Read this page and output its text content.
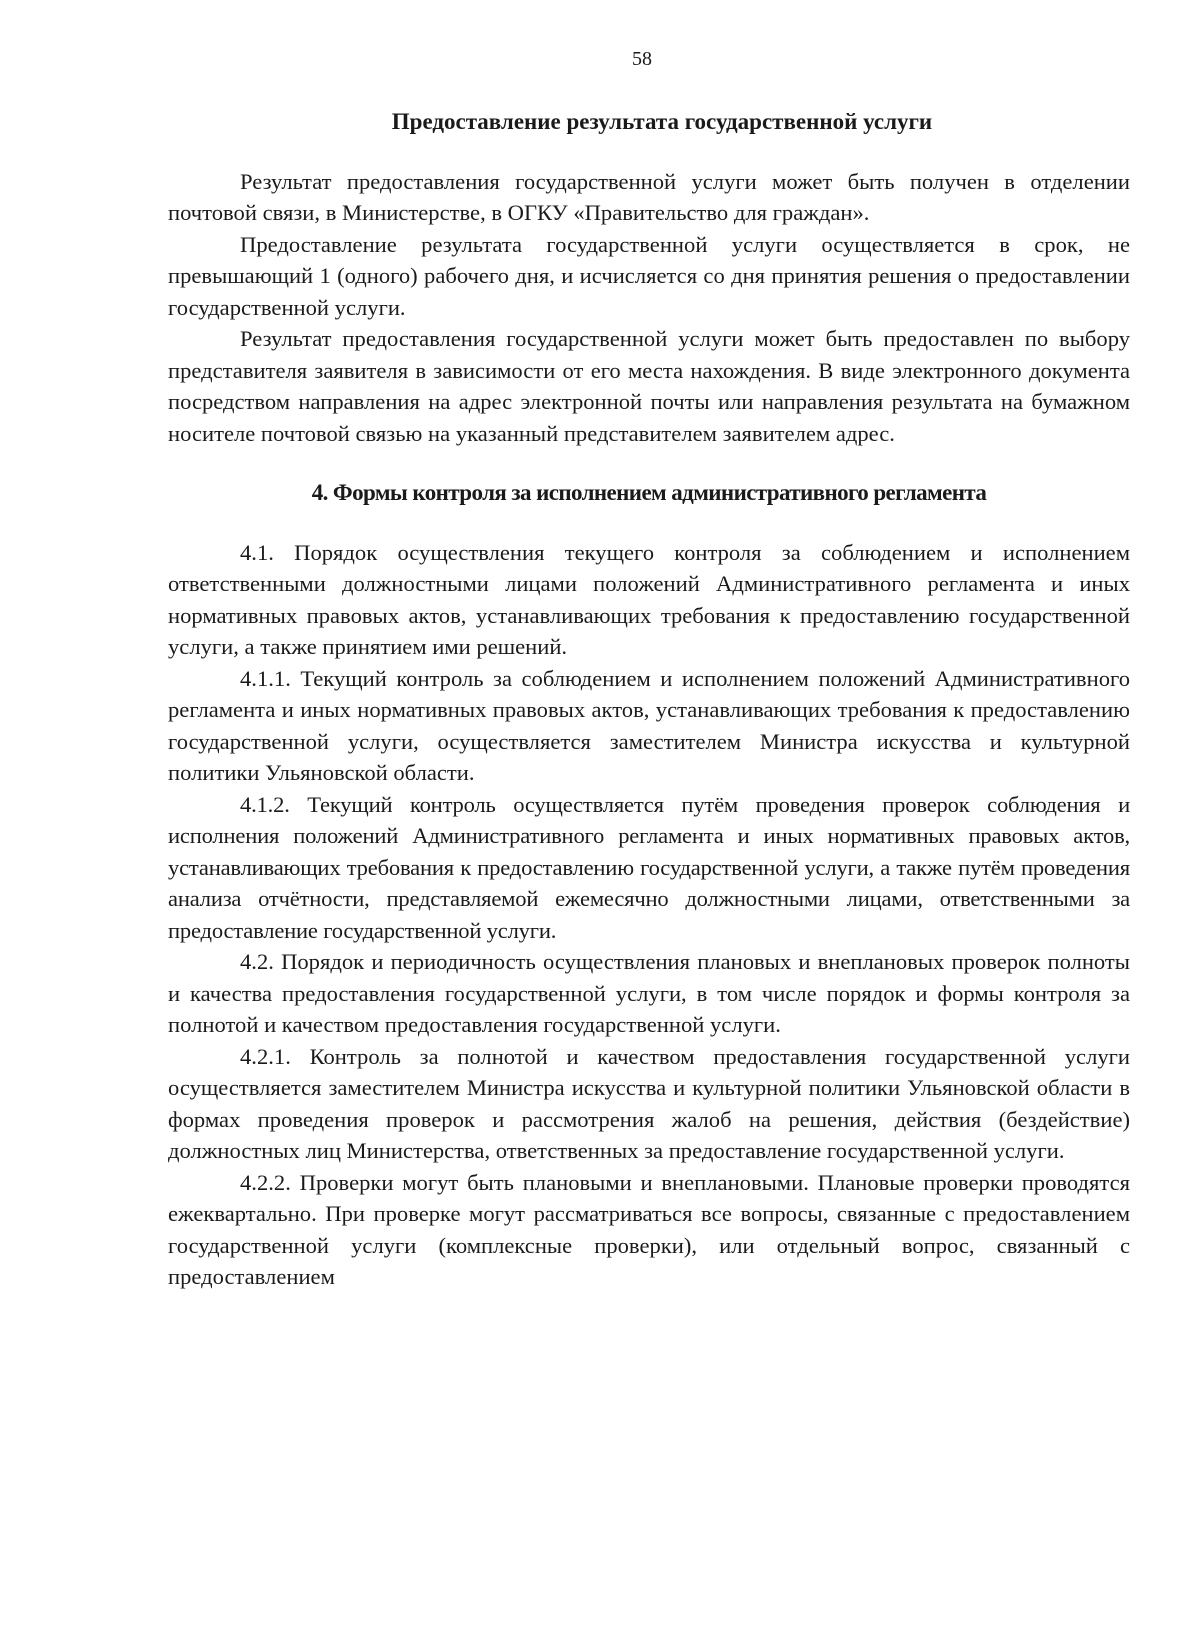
58
Предоставление результата государственной услуги

Результат предоставления государственной услуги может быть получен в отделении почтовой связи, в Министерстве, в ОГКУ «Правительство для граждан».

Предоставление результата государственной услуги осуществляется в срок, не превышающий 1 (одного) рабочего дня, и исчисляется со дня принятия решения о предоставлении государственной услуги.

Результат предоставления государственной услуги может быть предоставлен по выбору представителя заявителя в зависимости от его места нахождения. В виде электронного документа посредством направления на адрес электронной почты или направления результата на бумажном носителе почтовой связью на указанный представителем заявителем адрес.

4. Формы контроля за исполнением административного регламента

4.1. Порядок осуществления текущего контроля за соблюдением и исполнением ответственными должностными лицами положений Административного регламента и иных нормативных правовых актов, устанавливающих требования к предоставлению государственной услуги, а также принятием ими решений.

4.1.1. Текущий контроль за соблюдением и исполнением положений Административного регламента и иных нормативных правовых актов, устанавливающих требования к предоставлению государственной услуги, осуществляется заместителем Министра искусства и культурной политики Ульяновской области.

4.1.2. Текущий контроль осуществляется путём проведения проверок соблюдения и исполнения положений Административного регламента и иных нормативных правовых актов, устанавливающих требования к предоставлению государственной услуги, а также путём проведения анализа отчётности, представляемой ежемесячно должностными лицами, ответственными за предоставление государственной услуги.

4.2. Порядок и периодичность осуществления плановых и внеплановых проверок полноты и качества предоставления государственной услуги, в том числе порядок и формы контроля за полнотой и качеством предоставления государственной услуги.

4.2.1. Контроль за полнотой и качеством предоставления государственной услуги осуществляется заместителем Министра искусства и культурной политики Ульяновской области в формах проведения проверок и рассмотрения жалоб на решения, действия (бездействие) должностных лиц Министерства, ответственных за предоставление государственной услуги.

4.2.2. Проверки могут быть плановыми и внеплановыми. Плановые проверки проводятся ежеквартально. При проверке могут рассматриваться все вопросы, связанные с предоставлением государственной услуги (комплексные проверки), или отдельный вопрос, связанный с предоставлением
